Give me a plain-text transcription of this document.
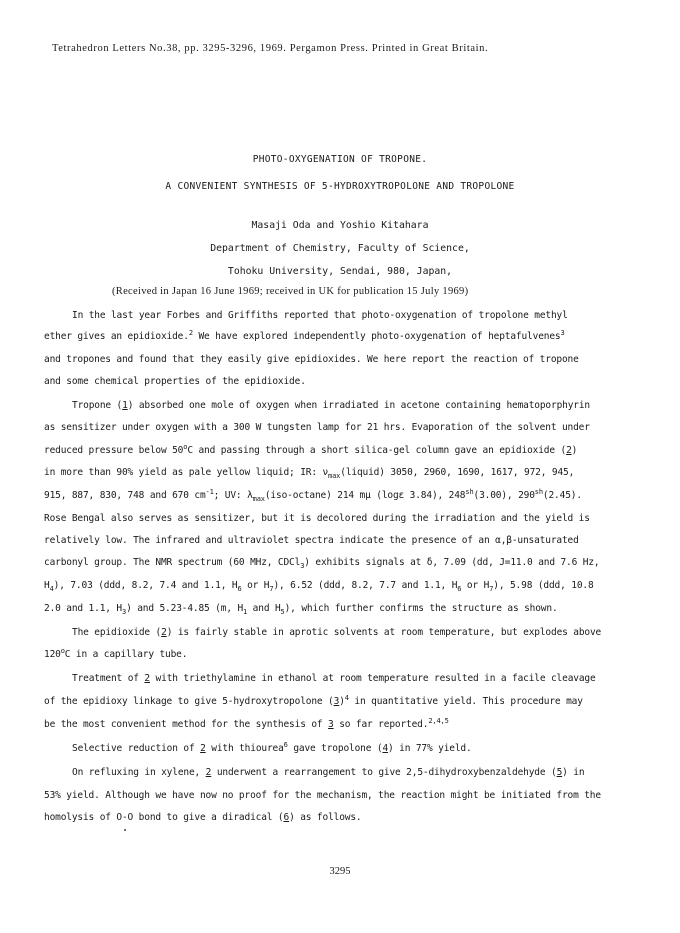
Tetrahedron Letters No.38, pp. 3295-3296, 1969. Pergamon Press. Printed in Great Britain.
PHOTO-OXYGENATION OF TROPONE.
A CONVENIENT SYNTHESIS OF 5-HYDROXYTROPOLONE AND TROPOLONE
Masaji Oda and Yoshio Kitahara
Department of Chemistry, Faculty of Science,
Tohoku University, Sendai, 980, Japan,
(Received in Japan 16 June 1969; received in UK for publication 15 July 1969)
In the last year Forbes and Griffiths reported that photo-oxygenation of tropolone methyl
ether gives an epidioxide.$^2$ We have explored independently photo-oxygenation of heptafulvenes$^3$
and tropones and found that they easily give epidioxides. We here report the reaction of tropone
and some chemical properties of the epidioxide.
Tropone (1) absorbed one mole of oxygen when irradiated in acetone containing hematoporphyrin
as sensitizer under oxygen with a 300 W tungsten lamp for 21 hrs. Evaporation of the solvent under
reduced pressure below 50$^o$C and passing through a short silica-gel column gave an epidioxide (2)
in more than 90% yield as pale yellow liquid; IR: $\nu_{max}(liquid)$ 3050, 2960, 1690, 1617, 972, 945,
915, 887, 830, 748 and 670 $cm^{-1}$; UV: $\lambda_{max}(iso-octane)$ 214 mμ (logε 3.84), $248^{sh}(3.00)$, $290^{sh}(2.45)$.
Rose Bengal also serves as sensitizer, but it is decolored during the irradiation and the yield is
relatively low. The infrared and ultraviolet spectra indicate the presence of an α,β-unsaturated
carbonyl group. The NMR spectrum (60 MHz, CDCl$_3$) exhibits signals at δ, 7.09 (dd, J=11.0 and 7.6 Hz,
$H_4$), 7.03 (ddd, 8.2, 7.4 and 1.1, $H_6$ or $H_7$), 6.52 (ddd, 8.2, 7.7 and 1.1, $H_6$ or $H_7$), 5.98 (ddd, 10.8
2.0 and 1.1, $H_3$) and 5.23-4.85 (m, $H_1$ and $H_5$), which further confirms the structure as shown.
The epidioxide (2) is fairly stable in aprotic solvents at room temperature, but explodes above
120$^o$C in a capillary tube.
Treatment of 2 with triethylamine in ethanol at room temperature resulted in a facile cleavage
of the epidioxy linkage to give 5-hydroxytropolone $(3)^4$ in quantitative yield. This procedure may
be the most convenient method for the synthesis of 3 so far reported.$^{2,4,5}$
Selective reduction of 2 with thiourea$^6$ gave tropolone (4) in 77% yield.
On refluxing in xylene, 2 underwent a rearrangement to give 2,5-dihydroxybenzaldehyde (5) in
53% yield. Although we have now no proof for the mechanism, the reaction might be initiated from the
homolysis of O-O bond to give a diradical (6) as follows.
3295
